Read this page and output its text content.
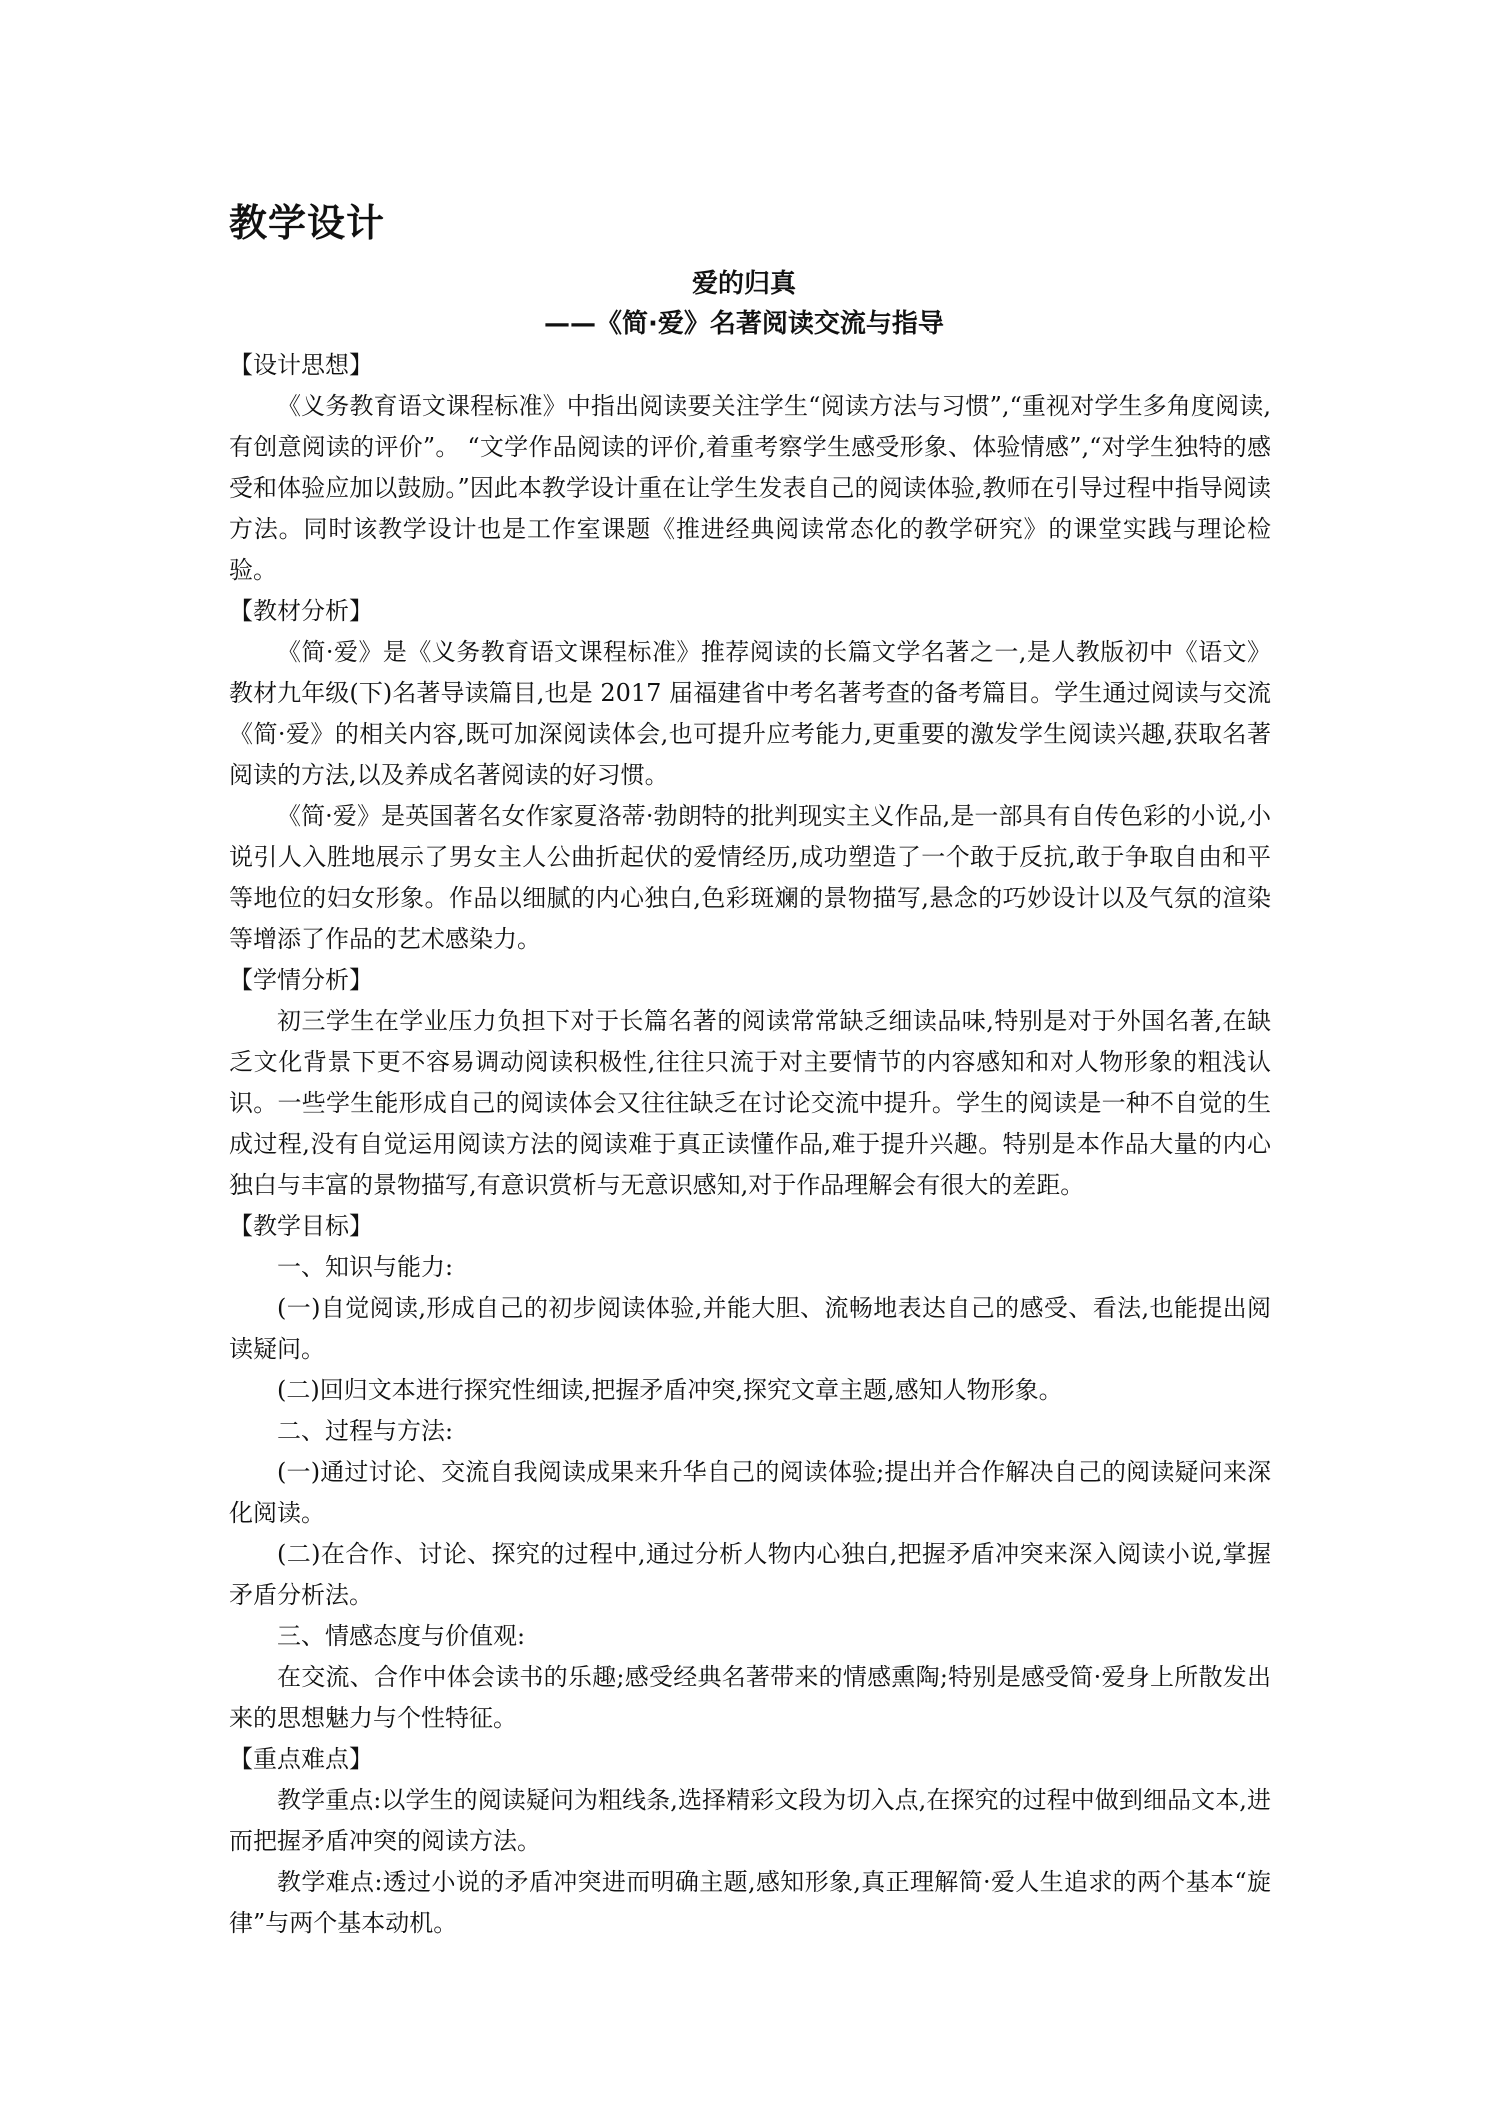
教学设计
爱的归真
——《简·爱》名著阅读交流与指导

【设计思想】

《义务教育语文课程标准》中指出阅读要关注学生“阅读方法与习惯”,“重视对学生多角度阅读,有创意阅读的评价”。 “文学作品阅读的评价,着重考察学生感受形象、体验情感”,“对学生独特的感受和体验应加以鼓励。”因此本教学设计重在让学生发表自己的阅读体验,教师在引导过程中指导阅读方法。同时该教学设计也是工作室课题《推进经典阅读常态化的教学研究》的课堂实践与理论检验。

【教材分析】

《简·爱》是《义务教育语文课程标准》推荐阅读的长篇文学名著之一,是人教版初中《语文》教材九年级(下)名著导读篇目,也是 2017 届福建省中考名著考查的备考篇目。学生通过阅读与交流《简·爱》的相关内容,既可加深阅读体会,也可提升应考能力,更重要的激发学生阅读兴趣,获取名著阅读的方法,以及养成名著阅读的好习惯。

《简·爱》是英国著名女作家夏洛蒂·勃朗特的批判现实主义作品,是一部具有自传色彩的小说,小说引人入胜地展示了男女主人公曲折起伏的爱情经历,成功塑造了一个敢于反抗,敢于争取自由和平等地位的妇女形象。作品以细腻的内心独白,色彩斑斓的景物描写,悬念的巧妙设计以及气氛的渲染等增添了作品的艺术感染力。

【学情分析】

初三学生在学业压力负担下对于长篇名著的阅读常常缺乏细读品味,特别是对于外国名著,在缺乏文化背景下更不容易调动阅读积极性,往往只流于对主要情节的内容感知和对人物形象的粗浅认识。一些学生能形成自己的阅读体会又往往缺乏在讨论交流中提升。学生的阅读是一种不自觉的生成过程,没有自觉运用阅读方法的阅读难于真正读懂作品,难于提升兴趣。特别是本作品大量的内心独白与丰富的景物描写,有意识赏析与无意识感知,对于作品理解会有很大的差距。

【教学目标】

一、知识与能力:

(一)自觉阅读,形成自己的初步阅读体验,并能大胆、流畅地表达自己的感受、看法,也能提出阅读疑问。

(二)回归文本进行探究性细读,把握矛盾冲突,探究文章主题,感知人物形象。

二、过程与方法:

(一)通过讨论、交流自我阅读成果来升华自己的阅读体验;提出并合作解决自己的阅读疑问来深化阅读。

(二)在合作、讨论、探究的过程中,通过分析人物内心独白,把握矛盾冲突来深入阅读小说,掌握矛盾分析法。

三、情感态度与价值观:

在交流、合作中体会读书的乐趣;感受经典名著带来的情感熏陶;特别是感受简·爱身上所散发出来的思想魅力与个性特征。

【重点难点】

教学重点:以学生的阅读疑问为粗线条,选择精彩文段为切入点,在探究的过程中做到细品文本,进而把握矛盾冲突的阅读方法。

教学难点:透过小说的矛盾冲突进而明确主题,感知形象,真正理解简·爱人生追求的两个基本“旋律”与两个基本动机。
